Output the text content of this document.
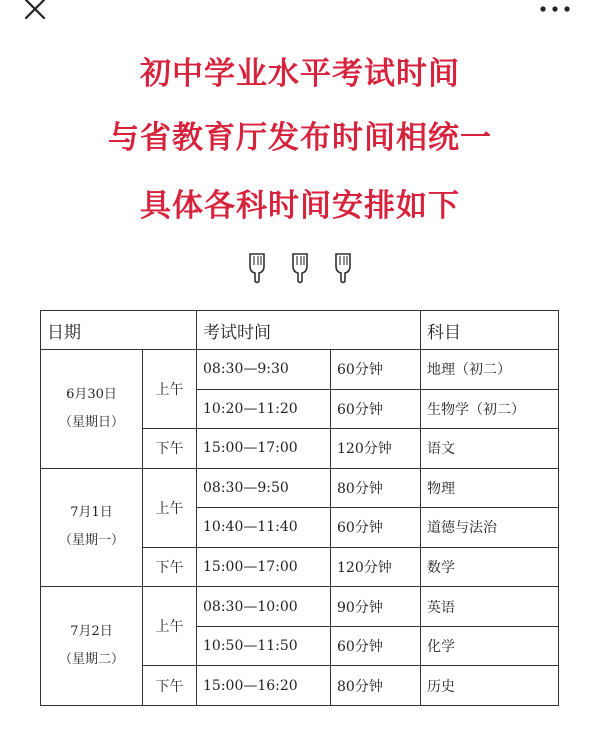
初中学业水平考试时间
与省教育厅发布时间相统一
具体各科时间安排如下

日期		考试时间		科目

6月30日
（星期日）	上午	08:30—9:30	60分钟	地理（初二）
		10:20—11:20	60分钟	生物学（初二）
	下午	15:00—17:00	120分钟	语文

7月1日
（星期一）	上午	08:30—9:50	80分钟	物理
		10:40—11:40	60分钟	道德与法治
	下午	15:00—17:00	120分钟	数学

7月2日
（星期二）	上午	08:30—10:00	90分钟	英语
		10:50—11:50	60分钟	化学
	下午	15:00—16:20	80分钟	历史
